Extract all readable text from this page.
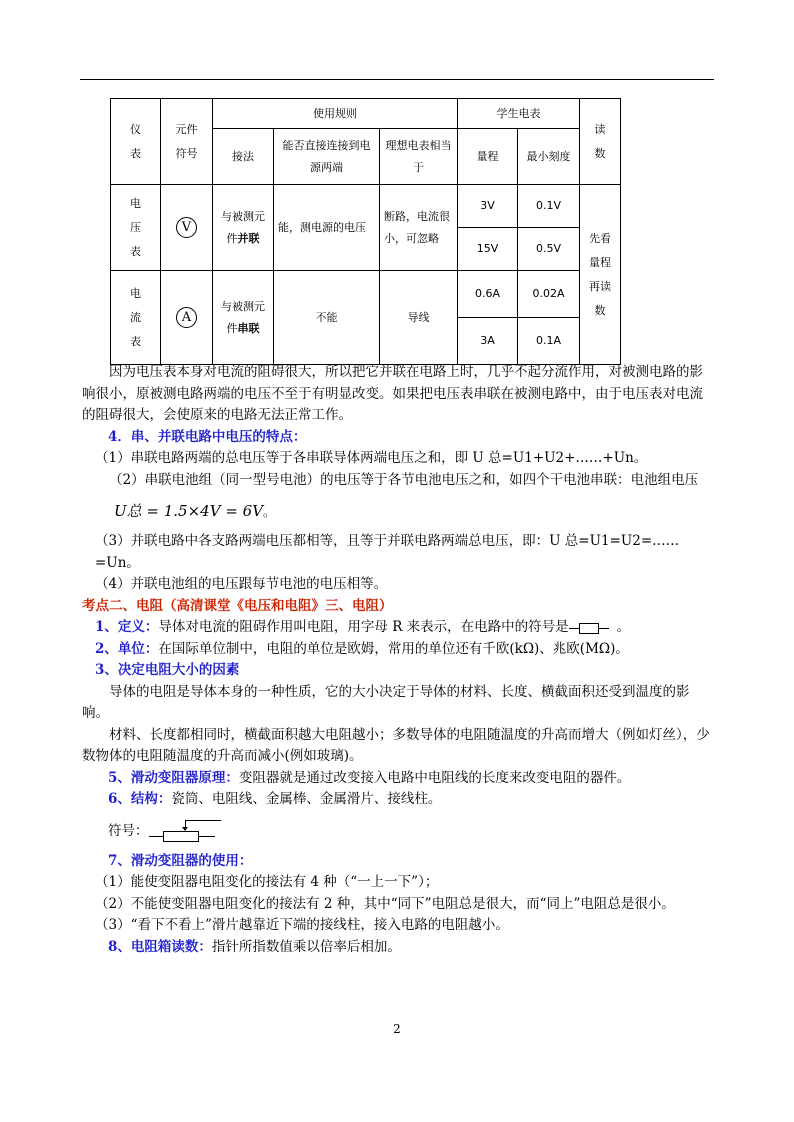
仪表	元件符号	使用规则			学生电表		读数
		接法	能否直接连接到电源两端	理想电表相当于	量程	最小刻度	
电压表	V	与被测元件并联	能，测电源的电压	断路，电流很小，可忽略	3V	0.1V	先看量程再读数
					15V	0.5V	
电流表	A	与被测元件串联	不能	导线	0.6A	0.02A	
					3A	0.1A	

因为电压表本身对电流的阻碍很大，所以把它并联在电路上时，几乎不起分流作用，对被测电路的影响很小，原被测电路两端的电压不至于有明显改变。如果把电压表串联在被测电路中，由于电压表对电流的阻碍很大，会使原来的电路无法正常工作。

4．串、并联电路中电压的特点：

（1）串联电路两端的总电压等于各串联导体两端电压之和，即 U 总=U1+U2+……+Un。

（2）串联电池组（同一型号电池）的电压等于各节电池电压之和，如四个干电池串联：电池组电压

U总 = 1.5×4V = 6V。

（3）并联电路中各支路两端电压都相等，且等于并联电路两端总电压，即：U 总=U1=U2=……=Un。

（4）并联电池组的电压跟每节电池的电压相等。

考点二、电阻（高清课堂《电压和电阻》三、电阻）

1、定义：导体对电流的阻碍作用叫电阻，用字母 R 来表示，在电路中的符号是	。

2、单位：在国际单位制中，电阻的单位是欧姆，常用的单位还有千欧(kΩ)、兆欧(MΩ)。

3、决定电阻大小的因素

导体的电阻是导体本身的一种性质，它的大小决定于导体的材料、长度、横截面积还受到温度的影响。

材料、长度都相同时，横截面积越大电阻越小；多数导体的电阻随温度的升高而增大（例如灯丝），少数物体的电阻随温度的升高而减小(例如玻璃)。

5、滑动变阻器原理：变阻器就是通过改变接入电路中电阻线的长度来改变电阻的器件。

6、结构：瓷筒、电阻线、金属棒、金属滑片、接线柱。

符号：

7、滑动变阻器的使用：

（1）能使变阻器电阻变化的接法有 4 种（“一上一下”）；

（2）不能使变阻器电阻变化的接法有 2 种，其中“同下”电阻总是很大，而“同上”电阻总是很小。

（3）“看下不看上”滑片越靠近下端的接线柱，接入电路的电阻越小。

8、电阻箱读数：指针所指数值乘以倍率后相加。

2
